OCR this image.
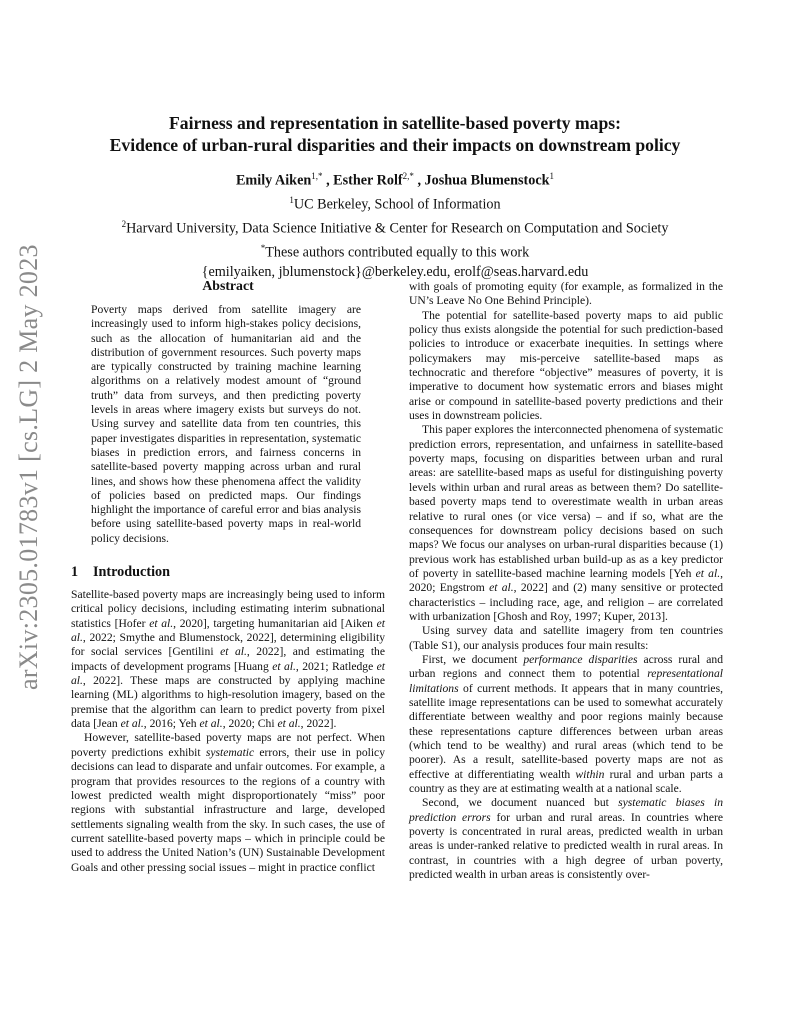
arXiv:2305.01783v1 [cs.LG] 2 May 2023
Fairness and representation in satellite-based poverty maps:
Evidence of urban-rural disparities and their impacts on downstream policy
Emily Aiken$^{1,*}$ , Esther Rolf$^{2,*}$ , Joshua Blumenstock$^1$
$^1$UC Berkeley, School of Information
$^2$Harvard University, Data Science Initiative & Center for Research on Computation and Society
*These authors contributed equally to this work
{emilyaiken, jblumenstock}@berkeley.edu, erolf@seas.harvard.edu
Abstract
Poverty maps derived from satellite imagery are increasingly used to inform high-stakes policy decisions, such as the allocation of humanitarian aid and the distribution of government resources. Such poverty maps are typically constructed by training machine learning algorithms on a relatively modest amount of “ground truth” data from surveys, and then predicting poverty levels in areas where imagery exists but surveys do not. Using survey and satellite data from ten countries, this paper investigates disparities in representation, systematic biases in prediction errors, and fairness concerns in satellite-based poverty mapping across urban and rural lines, and shows how these phenomena affect the validity of policies based on predicted maps. Our findings highlight the importance of careful error and bias analysis before using satellite-based poverty maps in real-world policy decisions.
1 Introduction

Satellite-based poverty maps are increasingly being used to inform critical policy decisions, including estimating interim subnational statistics [Hofer et al., 2020], targeting humanitarian aid [Aiken et al., 2022; Smythe and Blumenstock, 2022], determining eligibility for social services [Gentilini et al., 2022], and estimating the impacts of development programs [Huang et al., 2021; Ratledge et al., 2022]. These maps are constructed by applying machine learning (ML) algorithms to high-resolution imagery, based on the premise that the algorithm can learn to predict poverty from pixel data [Jean et al., 2016; Yeh et al., 2020; Chi et al., 2022].

However, satellite-based poverty maps are not perfect. When poverty predictions exhibit systematic errors, their use in policy decisions can lead to disparate and unfair outcomes. For example, a program that provides resources to the regions of a country with lowest predicted wealth might disproportionately “miss” poor regions with substantial infrastructure and large, developed settlements signaling wealth from the sky. In such cases, the use of current satellite-based poverty maps – which in principle could be used to address the United Nation’s (UN) Sustainable Development Goals and other pressing social issues – might in practice conflict

with goals of promoting equity (for example, as formalized in the UN’s Leave No One Behind Principle).

The potential for satellite-based poverty maps to aid public policy thus exists alongside the potential for such prediction-based policies to introduce or exacerbate inequities. In settings where policymakers may mis-perceive satellite-based maps as technocratic and therefore “objective” measures of poverty, it is imperative to document how systematic errors and biases might arise or compound in satellite-based poverty predictions and their uses in downstream policies.

This paper explores the interconnected phenomena of systematic prediction errors, representation, and unfairness in satellite-based poverty maps, focusing on disparities between urban and rural areas: are satellite-based maps as useful for distinguishing poverty levels within urban and rural areas as between them? Do satellite-based poverty maps tend to overestimate wealth in urban areas relative to rural ones (or vice versa) – and if so, what are the consequences for downstream policy decisions based on such maps? We focus our analyses on urban-rural disparities because (1) previous work has established urban build-up as as a key predictor of poverty in satellite-based machine learning models [Yeh et al., 2020; Engstrom et al., 2022] and (2) many sensitive or protected characteristics – including race, age, and religion – are correlated with urbanization [Ghosh and Roy, 1997; Kuper, 2013].

Using survey data and satellite imagery from ten countries (Table S1), our analysis produces four main results:

First, we document performance disparities across rural and urban regions and connect them to potential representational limitations of current methods. It appears that in many countries, satellite image representations can be used to somewhat accurately differentiate between wealthy and poor regions mainly because these representations capture differences between urban areas (which tend to be wealthy) and rural areas (which tend to be poorer). As a result, satellite-based poverty maps are not as effective at differentiating wealth within rural and urban parts a country as they are at estimating wealth at a national scale.

Second, we document nuanced but systematic biases in prediction errors for urban and rural areas. In countries where poverty is concentrated in rural areas, predicted wealth in urban areas is under-ranked relative to predicted wealth in rural areas. In contrast, in countries with a high degree of urban poverty, predicted wealth in urban areas is consistently over-
